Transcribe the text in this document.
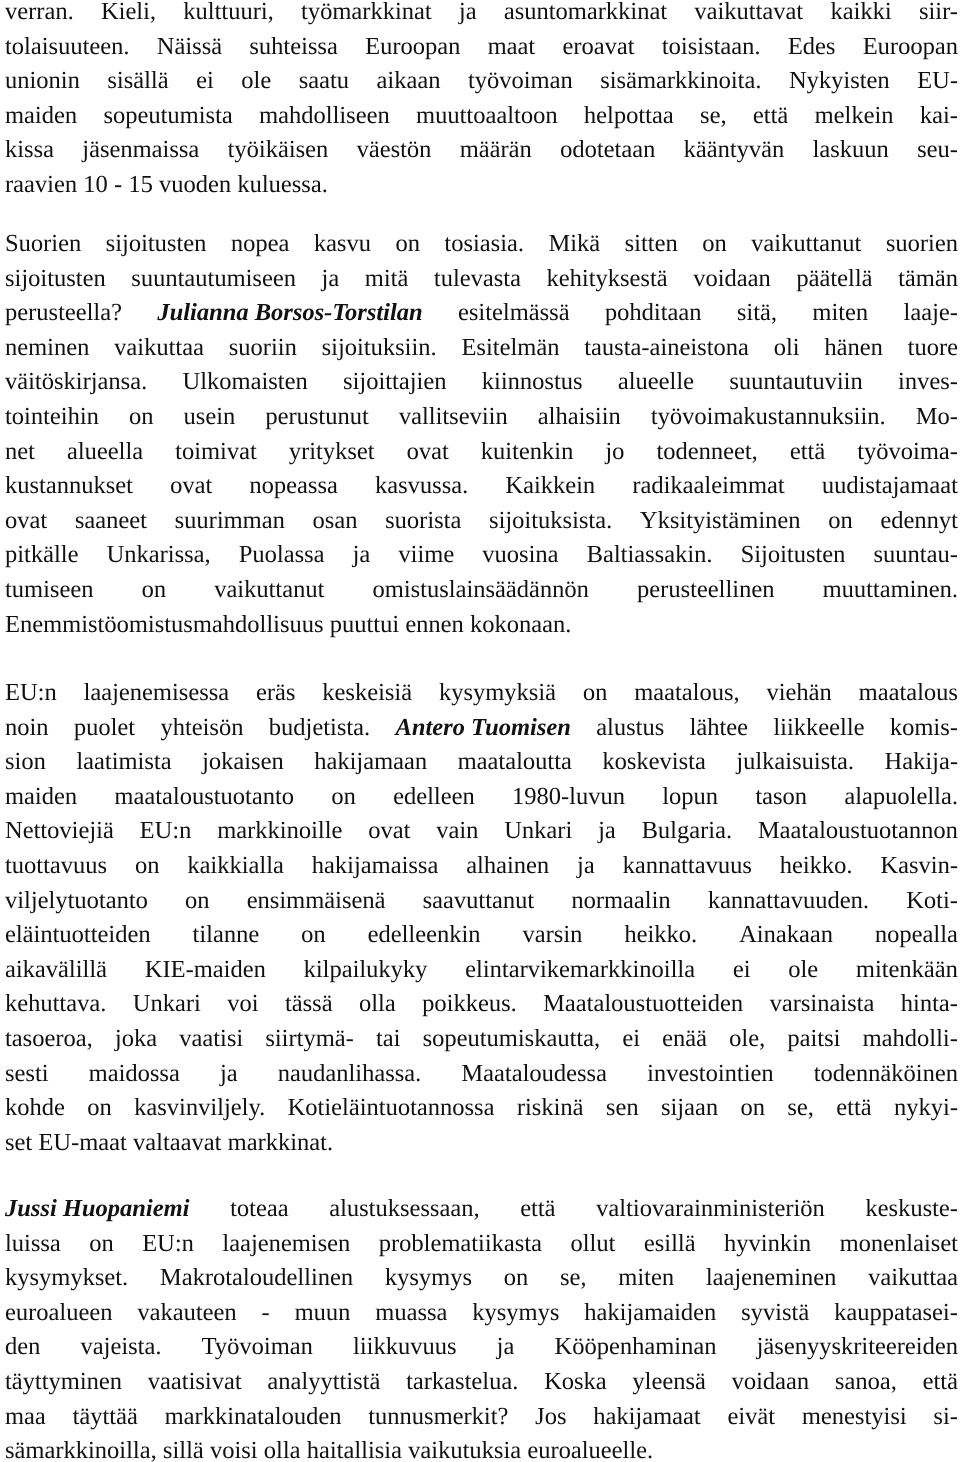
verran. Kieli, kulttuuri, työmarkkinat ja asuntomarkkinat vaikuttavat kaikki siir-
tolaisuuteen. Näissä suhteissa Euroopan maat eroavat toisistaan. Edes Euroopan
unionin sisällä ei ole saatu aikaan työvoiman sisämarkkinoita. Nykyisten EU-
maiden sopeutumista mahdolliseen muuttoaaltoon helpottaa se, että melkein kai-
kissa jäsenmaissa työikäisen väestön määrän odotetaan kääntyvän laskuun seu-
raavien 10 - 15 vuoden kuluessa.
Suorien sijoitusten nopea kasvu on tosiasia. Mikä sitten on vaikuttanut suorien
sijoitusten suuntautumiseen ja mitä tulevasta kehityksestä voidaan päätellä tämän
perusteella? Julianna Borsos-Torstilan esitelmässä pohditaan sitä, miten laaje-
neminen vaikuttaa suoriin sijoituksiin. Esitelmän tausta-aineistona oli hänen tuore
väitöskirjansa. Ulkomaisten sijoittajien kiinnostus alueelle suuntautuviin inves-
tointeihin on usein perustunut vallitseviin alhaisiin työvoimakustannuksiin. Mo-
net alueella toimivat yritykset ovat kuitenkin jo todenneet, että työvoima-
kustannukset ovat nopeassa kasvussa. Kaikkein radikaaleimmat uudistajamaat
ovat saaneet suurimman osan suorista sijoituksista. Yksityistäminen on edennyt
pitkälle Unkarissa, Puolassa ja viime vuosina Baltiassakin. Sijoitusten suuntau-
tumiseen on vaikuttanut omistuslainsäädännön perusteellinen muuttaminen.
Enemmistöomistusmahdollisuus puuttui ennen kokonaan.
EU:n laajenemisessa eräs keskeisiä kysymyksiä on maatalous, viehän maatalous
noin puolet yhteisön budjetista. Antero Tuomisen alustus lähtee liikkeelle komis-
sion laatimista jokaisen hakijamaan maataloutta koskevista julkaisuista. Hakija-
maiden maataloustuotanto on edelleen 1980-luvun lopun tason alapuolella.
Nettoviejiä EU:n markkinoille ovat vain Unkari ja Bulgaria. Maataloustuotannon
tuottavuus on kaikkialla hakijamaissa alhainen ja kannattavuus heikko. Kasvin-
viljelytuotanto on ensimmäisenä saavuttanut normaalin kannattavuuden. Koti-
eläintuotteiden tilanne on edelleenkin varsin heikko. Ainakaan nopealla
aikavälillä KIE-maiden kilpailukyky elintarvikemarkkinoilla ei ole mitenkään
kehuttava. Unkari voi tässä olla poikkeus. Maataloustuotteiden varsinaista hinta-
tasoeroa, joka vaatisi siirtymä- tai sopeutumiskautta, ei enää ole, paitsi mahdolli-
sesti maidossa ja naudanlihassa. Maataloudessa investointien todennäköinen
kohde on kasvinviljely. Kotieläintuotannossa riskinä sen sijaan on se, että nykyi-
set EU-maat valtaavat markkinat.
Jussi Huopaniemi toteaa alustuksessaan, että valtiovarainministeriön keskuste-
luissa on EU:n laajenemisen problematiikasta ollut esillä hyvinkin monenlaiset
kysymykset. Makrotaloudellinen kysymys on se, miten laajeneminen vaikuttaa
euroalueen vakauteen - muun muassa kysymys hakijamaiden syvistä kauppatasei-
den vajeista. Työvoiman liikkuvuus ja Kööpenhaminan jäsenyyskriteereiden
täyttyminen vaatisivat analyyttistä tarkastelua. Koska yleensä voidaan sanoa, että
maa täyttää markkinatalouden tunnusmerkit? Jos hakijamaat eivät menestyisi si-
sämarkkinoilla, sillä voisi olla haitallisia vaikutuksia euroalueelle.
